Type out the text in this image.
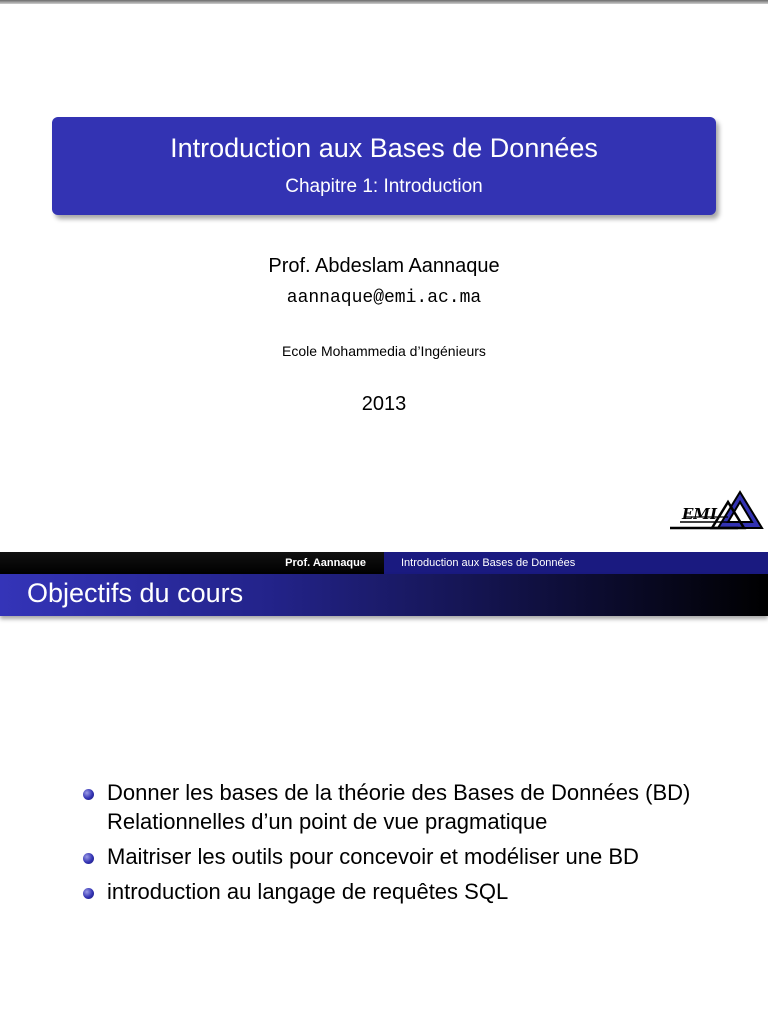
Introduction aux Bases de Données
Chapitre 1: Introduction
Prof. Abdeslam Aannaque
aannaque@emi.ac.ma
Ecole Mohammedia d’Ingénieurs
2013
EMI
Prof. Aannaque	Introduction aux Bases de Données
Objectifs du cours
Donner les bases de la théorie des Bases de Données (BD) Relationnelles d’un point de vue pragmatique
Maitriser les outils pour concevoir et modéliser une BD
introduction au langage de requêtes SQL
